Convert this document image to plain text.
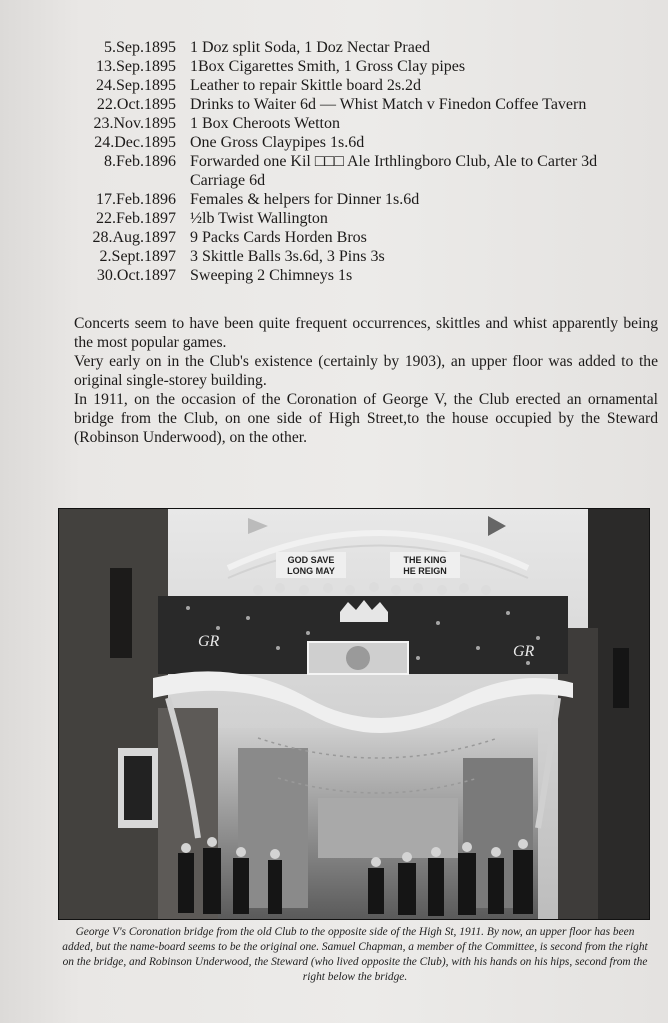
5.Sep.1895 1 Doz split Soda, 1 Doz Nectar Praed
13.Sep.1895 1Box Cigarettes Smith, 1 Gross Clay pipes
24.Sep.1895 Leather to repair Skittle board 2s.2d
22.Oct.1895 Drinks to Waiter 6d — Whist Match v Finedon Coffee Tavern
23.Nov.1895 1 Box Cheroots Wetton
24.Dec.1895 One Gross Claypipes 1s.6d
8.Feb.1896 Forwarded one Kil □□□ Ale Irthlingboro Club, Ale to Carter 3d Carriage 6d
17.Feb.1896 Females & helpers for Dinner 1s.6d
22.Feb.1897 ½lb Twist Wallington
28.Aug.1897 9 Packs Cards Horden Bros
2.Sept.1897 3 Skittle Balls 3s.6d, 3 Pins 3s
30.Oct.1897 Sweeping 2 Chimneys 1s

Concerts seem to have been quite frequent occurrences, skittles and whist apparently being the most popular games.

Very early on in the Club's existence (certainly by 1903), an upper floor was added to the original single-storey building.

In 1911, on the occasion of the Coronation of George V, the Club erected an ornamental bridge from the Club, on one side of High Street,to the house occupied by the Steward (Robinson Underwood), on the other.

GOD SAVE
LONG MAY
THE KING
HE REIGN
GR
GR
George V's Coronation bridge from the old Club to the opposite side of the High St, 1911. By now, an upper floor has been added, but the name-board seems to be the original one. Samuel Chapman, a member of the Committee, is second from the right on the bridge, and Robinson Underwood, the Steward (who lived opposite the Club), with his hands on his hips, second from the right below the bridge.
